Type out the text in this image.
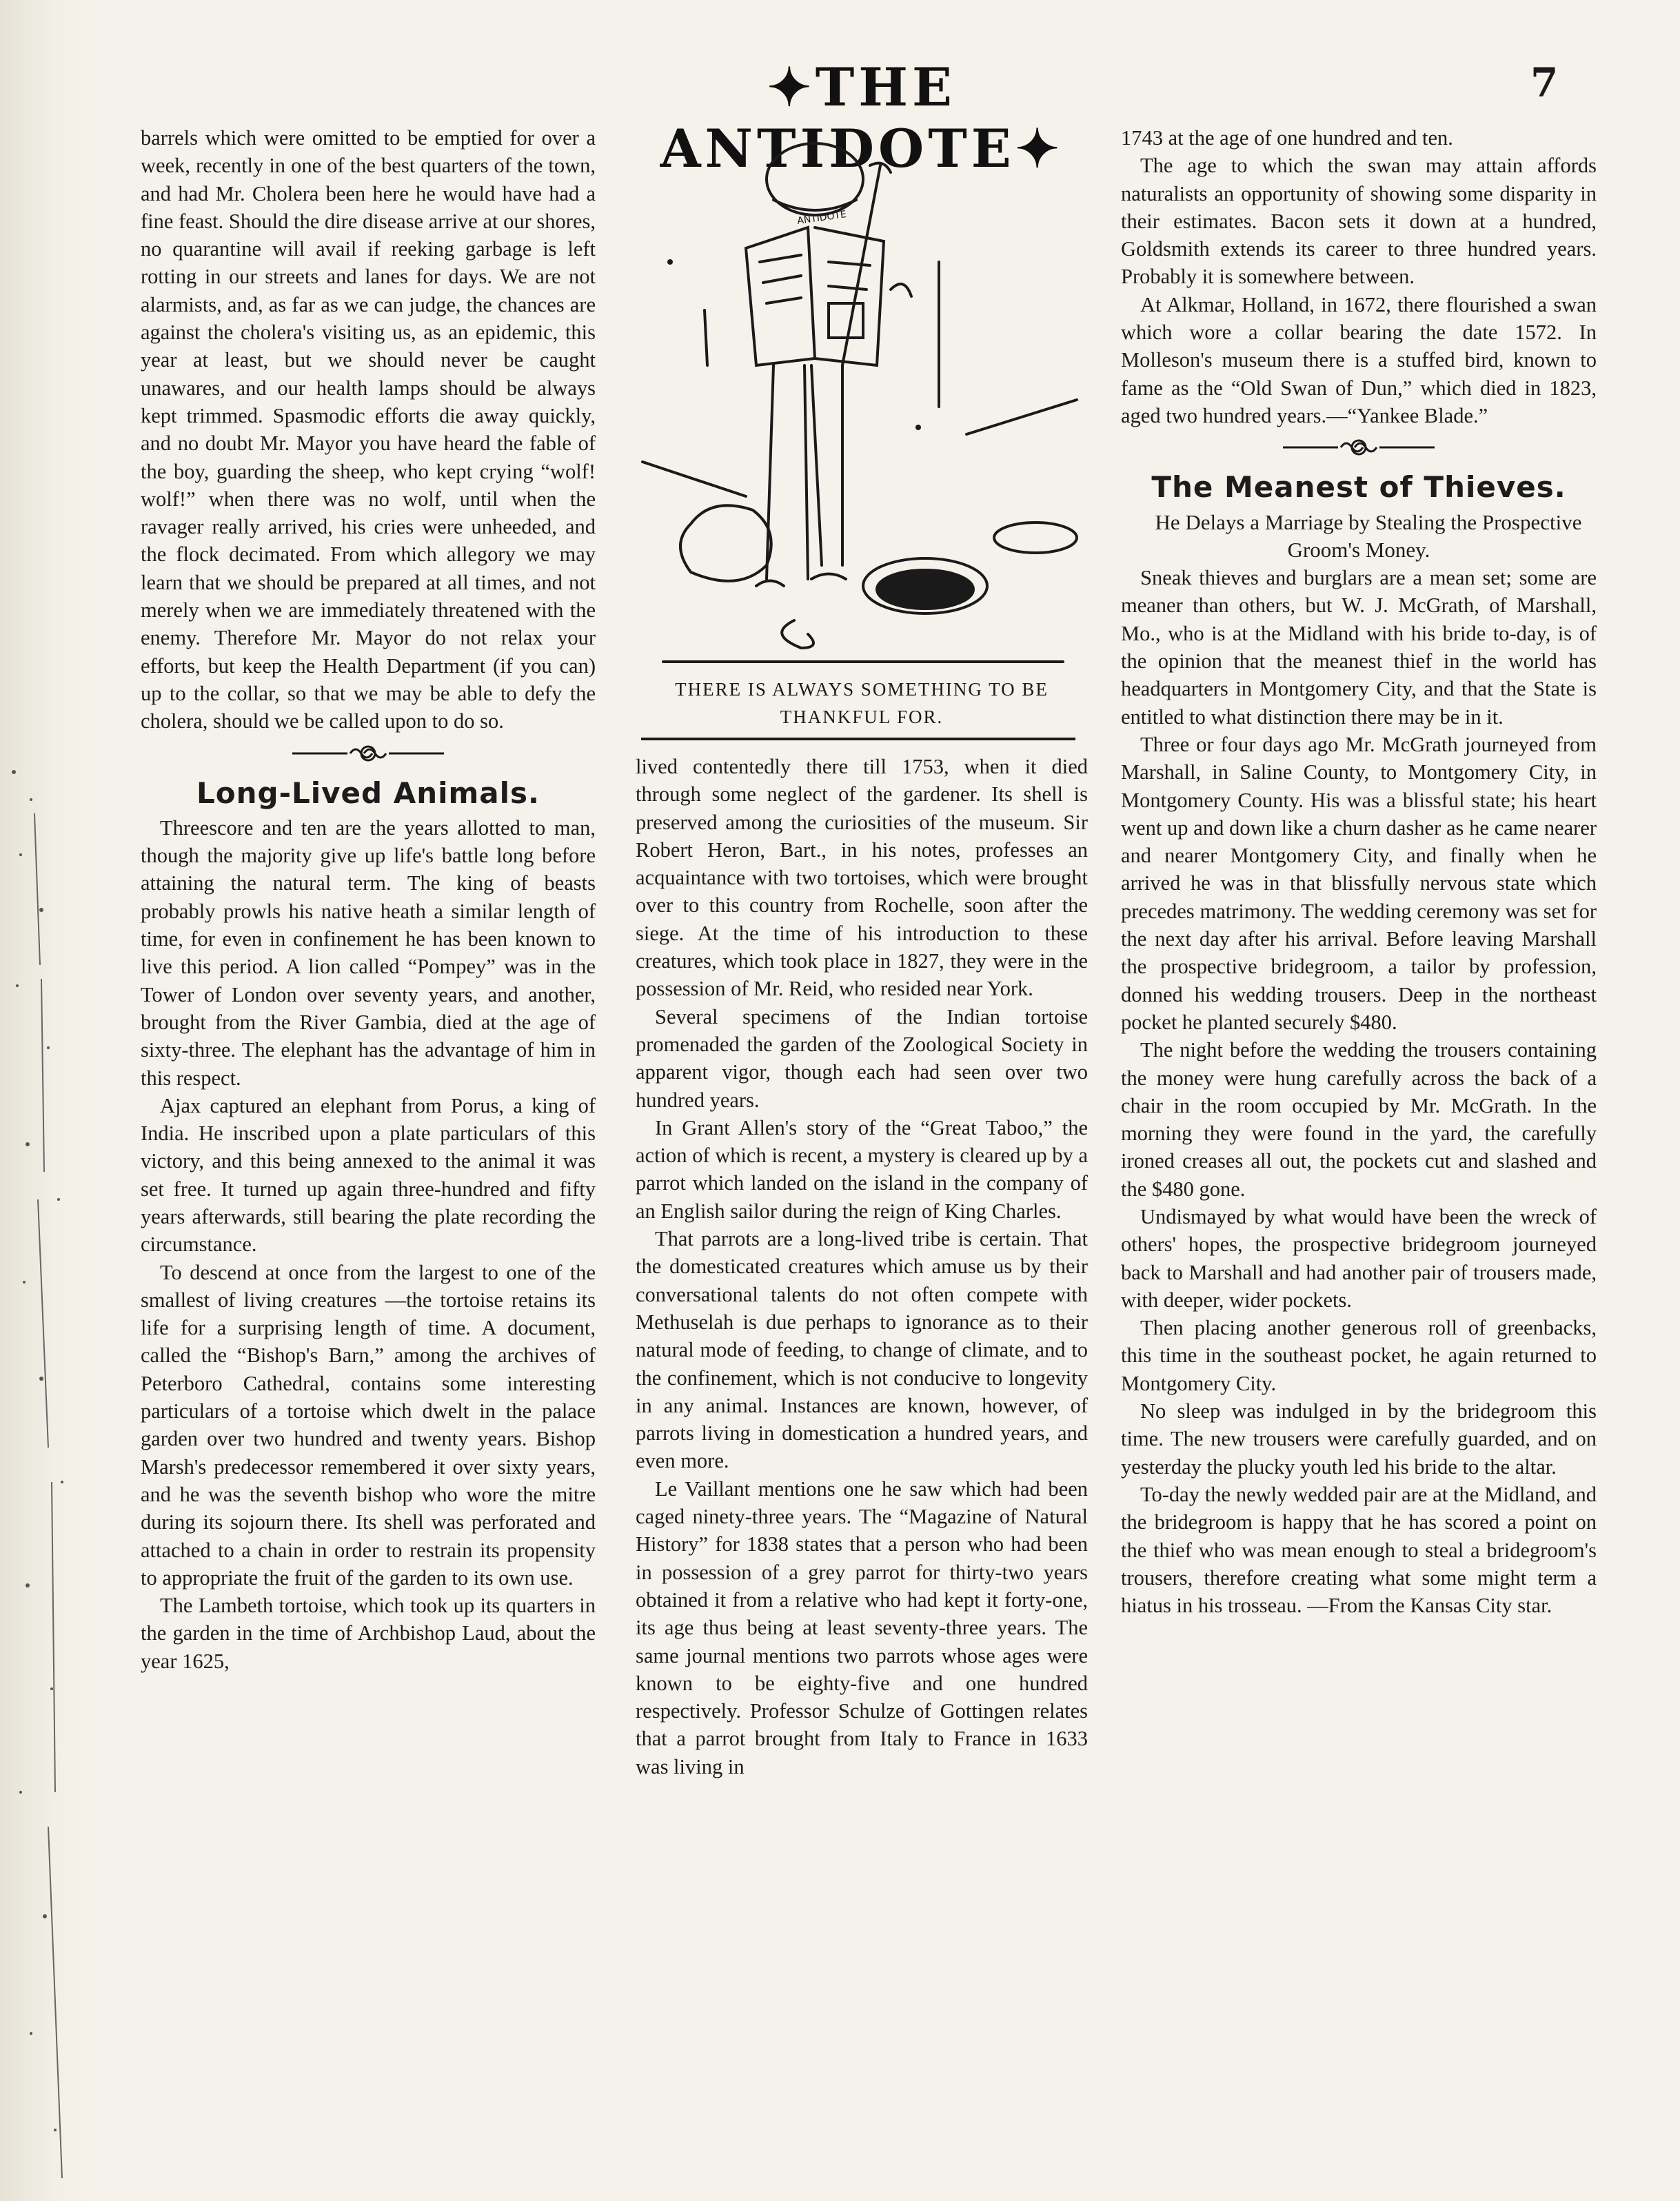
✦THE ANTIDOTE✦
7

barrels which were omitted to be emptied for over a week, recently in one of the best quarters of the town, and had Mr. Cholera been here he would have had a fine feast. Should the dire disease arrive at our shores, no quarantine will avail if reeking garbage is left rotting in our streets and lanes for days. We are not alarmists, and, as far as we can judge, the chances are against the cholera's visiting us, as an epidemic, this year at least, but we should never be caught unawares, and our health lamps should be always kept trimmed. Spasmodic efforts die away quickly, and no doubt Mr. Mayor you have heard the fable of the boy, guarding the sheep, who kept crying “wolf! wolf!” when there was no wolf, until when the ravager really arrived, his cries were unheeded, and the flock decimated. From which allegory we may learn that we should be prepared at all times, and not merely when we are immediately threatened with the enemy. Therefore Mr. Mayor do not relax your efforts, but keep the Health Department (if you can) up to the collar, so that we may be able to defy the cholera, should we be called upon to do so.

Long-Lived Animals.

Threescore and ten are the years allotted to man, though the majority give up life's battle long before attaining the natural term. The king of beasts probably prowls his native heath a similar length of time, for even in confinement he has been known to live this period. A lion called “Pompey” was in the Tower of London over seventy years, and another, brought from the River Gambia, died at the age of sixty-three. The elephant has the advantage of him in this respect.

Ajax captured an elephant from Porus, a king of India. He inscribed upon a plate particulars of this victory, and this being annexed to the animal it was set free. It turned up again three-hundred and fifty years afterwards, still bearing the plate recording the circumstance.

To descend at once from the largest to one of the smallest of living creatures —the tortoise retains its life for a surprising length of time. A document, called the “Bishop's Barn,” among the archives of Peterboro Cathedral, contains some interesting particulars of a tortoise which dwelt in the palace garden over two hundred and twenty years. Bishop Marsh's predecessor remembered it over sixty years, and he was the seventh bishop who wore the mitre during its sojourn there. Its shell was perforated and attached to a chain in order to restrain its propensity to appropriate the fruit of the garden to its own use.

The Lambeth tortoise, which took up its quarters in the garden in the time of Archbishop Laud, about the year 1625,

ANTIDOTE
THERE IS ALWAYS SOMETHING TO BE THANKFUL FOR.

lived contentedly there till 1753, when it died through some neglect of the gardener. Its shell is preserved among the curiosities of the museum. Sir Robert Heron, Bart., in his notes, professes an acquaintance with two tortoises, which were brought over to this country from Rochelle, soon after the siege. At the time of his introduction to these creatures, which took place in 1827, they were in the possession of Mr. Reid, who resided near York.

Several specimens of the Indian tortoise promenaded the garden of the Zoological Society in apparent vigor, though each had seen over two hundred years.

In Grant Allen's story of the “Great Taboo,” the action of which is recent, a mystery is cleared up by a parrot which landed on the island in the company of an English sailor during the reign of King Charles.

That parrots are a long-lived tribe is certain. That the domesticated creatures which amuse us by their conversational talents do not often compete with Methuselah is due perhaps to ignorance as to their natural mode of feeding, to change of climate, and to the confinement, which is not conducive to longevity in any animal. Instances are known, however, of parrots living in domestication a hundred years, and even more.

Le Vaillant mentions one he saw which had been caged ninety-three years. The “Magazine of Natural History” for 1838 states that a person who had been in possession of a grey parrot for thirty-two years obtained it from a relative who had kept it forty-one, its age thus being at least seventy-three years. The same journal mentions two parrots whose ages were known to be eighty-five and one hundred respectively. Professor Schulze of Gottingen relates that a parrot brought from Italy to France in 1633 was living in

1743 at the age of one hundred and ten.

The age to which the swan may attain affords naturalists an opportunity of showing some disparity in their estimates. Bacon sets it down at a hundred, Goldsmith extends its career to three hundred years. Probably it is somewhere between.

At Alkmar, Holland, in 1672, there flourished a swan which wore a collar bearing the date 1572. In Molleson's museum there is a stuffed bird, known to fame as the “Old Swan of Dun,” which died in 1823, aged two hundred years.—“Yankee Blade.”

The Meanest of Thieves.

He Delays a Marriage by Stealing the Prospective Groom's Money.

Sneak thieves and burglars are a mean set; some are meaner than others, but W. J. McGrath, of Marshall, Mo., who is at the Midland with his bride to-day, is of the opinion that the meanest thief in the world has headquarters in Montgomery City, and that the State is entitled to what distinction there may be in it.

Three or four days ago Mr. McGrath journeyed from Marshall, in Saline County, to Montgomery City, in Montgomery County. His was a blissful state; his heart went up and down like a churn dasher as he came nearer and nearer Montgomery City, and finally when he arrived he was in that blissfully nervous state which precedes matrimony. The wedding ceremony was set for the next day after his arrival. Before leaving Marshall the prospective bridegroom, a tailor by profession, donned his wedding trousers. Deep in the northeast pocket he planted securely $480.

The night before the wedding the trousers containing the money were hung carefully across the back of a chair in the room occupied by Mr. McGrath. In the morning they were found in the yard, the carefully ironed creases all out, the pockets cut and slashed and the $480 gone.

Undismayed by what would have been the wreck of others' hopes, the prospective bridegroom journeyed back to Marshall and had another pair of trousers made, with deeper, wider pockets.

Then placing another generous roll of greenbacks, this time in the southeast pocket, he again returned to Montgomery City.

No sleep was indulged in by the bridegroom this time. The new trousers were carefully guarded, and on yesterday the plucky youth led his bride to the altar.

To-day the newly wedded pair are at the Midland, and the bridegroom is happy that he has scored a point on the thief who was mean enough to steal a bridegroom's trousers, therefore creating what some might term a hiatus in his trosseau. —From the Kansas City star.
